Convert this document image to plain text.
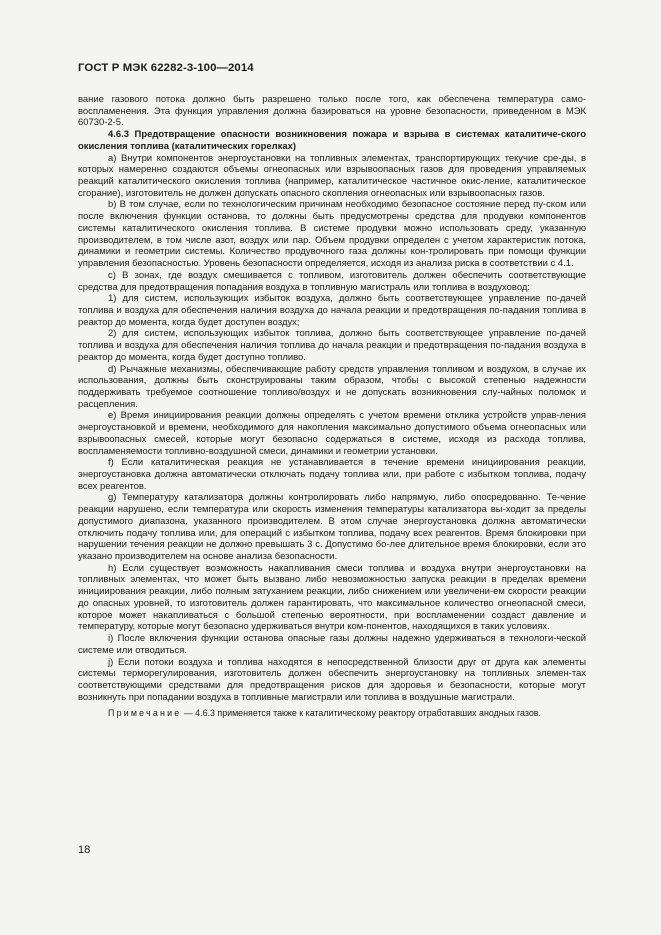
ГОСТ Р МЭК 62282-3-100—2014

вание газового потока должно быть разрешено только после того, как обеспечена температура само-воспламенения. Эта функция управления должна базироваться на уровне безопасности, приведенном в МЭК 60730-2-5.

4.6.3 Предотвращение опасности возникновения пожара и взрыва в системах каталитиче-ского окисления топлива (каталитических горелках)

a) Внутри компонентов энергоустановки на топливных элементах, транспортирующих текучие сре-ды, в которых намеренно создаются объемы огнеопасных или взрывоопасных газов для проведения управляемых реакций каталитического окисления топлива (например, каталитическое частичное окис-ление, каталитическое сгорание), изготовитель не должен допускать опасного скопления огнеопасных или взрывоопасных газов.

b) В том случае, если по технологическим причинам необходимо безопасное состояние перед пу-ском или после включения функции останова, то должны быть предусмотрены средства для продувки компонентов системы каталитического окисления топлива. В системе продувки можно использовать среду, указанную производителем, в том числе азот, воздух или пар. Объем продувки определен с учетом характеристик потока, динамики и геометрии системы. Количество продувочного газа должны кон-тролировать при помощи функции управления безопасностью. Уровень безопасности определяется, исходя из анализа риска в соответствии с 4.1.

c) В зонах, где воздух смешивается с топливом, изготовитель должен обеспечить соответствующие средства для предотвращения попадания воздуха в топливную магистраль или топлива в воздуховод:

1) для систем, использующих избыток воздуха, должно быть соответствующее управление по-дачей топлива и воздуха для обеспечения наличия воздуха до начала реакции и предотвращения по-падания топлива в реактор до момента, когда будет доступен воздух;

2) для систем, использующих избыток топлива, должно быть соответствующее управление по-дачей топлива и воздуха для обеспечения наличия топлива до начала реакции и предотвращения по-падания воздуха в реактор до момента, когда будет доступно топливо.

d) Рычажные механизмы, обеспечивающие работу средств управления топливом и воздухом, в случае их использования, должны быть сконструированы таким образом, чтобы с высокой степенью надежности поддерживать требуемое соотношение топливо/воздух и не допускать возникновения слу-чайных поломок и расцепления.

e) Время инициирования реакции должны определять с учетом времени отклика устройств управ-ления энергоустановкой и времени, необходимого для накопления максимально допустимого объема огнеопасных или взрывоопасных смесей, которые могут безопасно содержаться в системе, исходя из расхода топлива, воспламеняемости топливно-воздушной смеси, динамики и геометрии установки.

f) Если каталитическая реакция не устанавливается в течение времени инициирования реакции, энергоустановка должна автоматически отключать подачу топлива или, при работе с избытком топлива, подачу всех реагентов.

g) Температуру катализатора должны контролировать либо напрямую, либо опосредованно. Те-чение реакции нарушено, если температура или скорость изменения температуры катализатора вы-ходит за пределы допустимого диапазона, указанного производителем. В этом случае энергоустановка должна автоматически отключить подачу топлива или, для операций с избытком топлива, подачу всех реагентов. Время блокировки при нарушении течения реакции не должно превышать 3 с. Допустимо бо-лее длительное время блокировки, если это указано производителем на основе анализа безопасности.

h) Если существует возможность накапливания смеси топлива и воздуха внутри энергоустановки на топливных элементах, что может быть вызвано либо невозможностью запуска реакции в пределах времени инициирования реакции, либо полным затуханием реакции, либо снижением или увеличени-ем скорости реакции до опасных уровней, то изготовитель должен гарантировать, что максимальное количество огнеопасной смеси, которое может накапливаться с большой степенью вероятности, при воспламенении создаст давление и температуру, которые могут безопасно удерживаться внутри ком-понентов, находящихся в таких условиях.

i) После включения функции останова опасные газы должны надежно удерживаться в технологи-ческой системе или отводиться.

j) Если потоки воздуха и топлива находятся в непосредственной близости друг от друга как элементы системы терморегулирования, изготовитель должен обеспечить энергоустановку на топливных элемен-тах соответствующими средствами для предотвращения рисков для здоровья и безопасности, которые могут возникнуть при попадании воздуха в топливные магистрали или топлива в воздушные магистрали.

Примечание — 4.6.3 применяется также к каталитическому реактору отработавших анодных газов.

18
